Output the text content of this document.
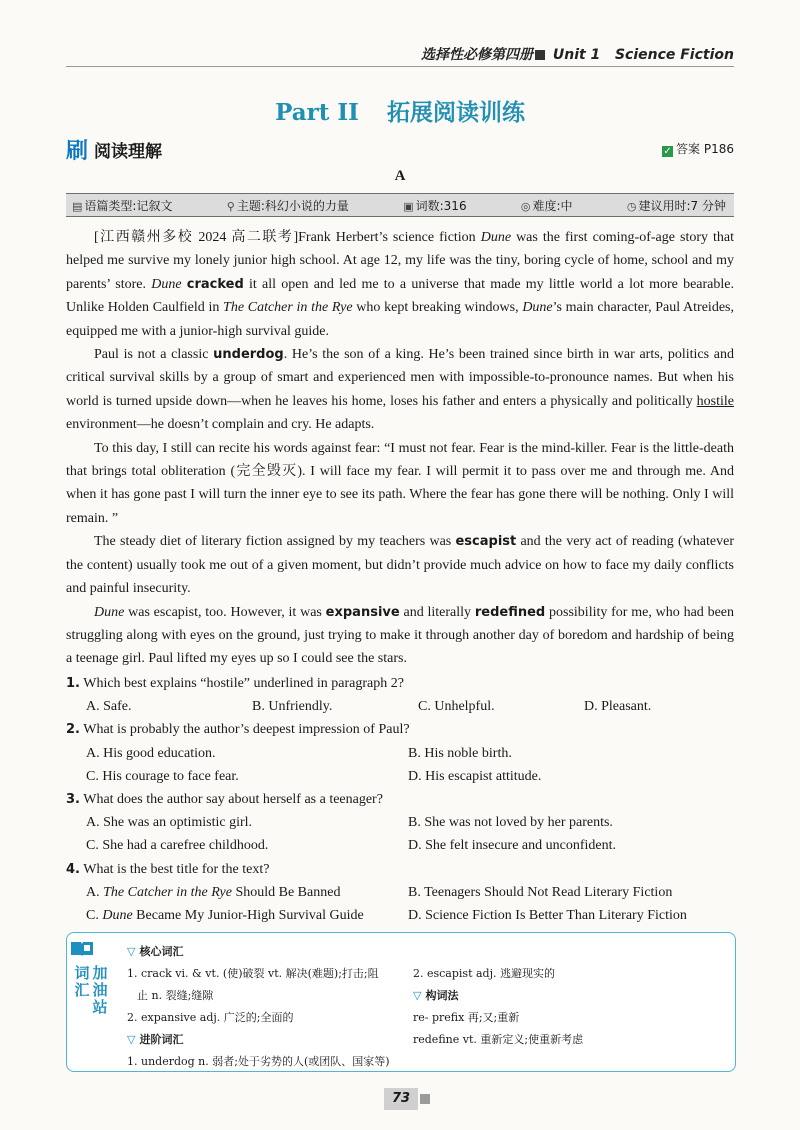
选择性必修第四册 Unit 1 Science Fiction
Part II 拓展阅读训练
刷 阅读理解	✓ 答案 P186
A
▤ 语篇类型:记叙文	⚲ 主题:科幻小说的力量	▣ 词数:316	◎ 难度:中	◷ 建议用时:7 分钟

[江西赣州多校 2024 高二联考]Frank Herbert’s science fiction Dune was the first coming-of-age story that helped me survive my lonely junior high school. At age 12, my life was the tiny, boring cycle of home, school and my parents’ store. Dune cracked it all open and led me to a universe that made my little world a lot more bearable. Unlike Holden Caulfield in The Catcher in the Rye who kept breaking windows, Dune’s main character, Paul Atreides, equipped me with a junior-high survival guide.

Paul is not a classic underdog. He’s the son of a king. He’s been trained since birth in war arts, politics and critical survival skills by a group of smart and experienced men with impossible-to-pronounce names. But when his world is turned upside down—when he leaves his home, loses his father and enters a physically and politically hostile environment—he doesn’t complain and cry. He adapts.

To this day, I still can recite his words against fear: “I must not fear. Fear is the mind-killer. Fear is the little-death that brings total obliteration (完全毁灭). I will face my fear. I will permit it to pass over me and through me. And when it has gone past I will turn the inner eye to see its path. Where the fear has gone there will be nothing. Only I will remain. ”

The steady diet of literary fiction assigned by my teachers was escapist and the very act of reading (whatever the content) usually took me out of a given moment, but didn’t provide much advice on how to face my daily conflicts and painful insecurity.

Dune was escapist, too. However, it was expansive and literally redefined possibility for me, who had been struggling along with eyes on the ground, just trying to make it through another day of boredom and hardship of being a teenage girl. Paul lifted my eyes up so I could see the stars.

1. Which best explains “hostile” underlined in paragraph 2?
A. Safe.	B. Unfriendly.	C. Unhelpful.	D. Pleasant.
2. What is probably the author’s deepest impression of Paul?
A. His good education.	B. His noble birth.
C. His courage to face fear.	D. His escapist attitude.
3. What does the author say about herself as a teenager?
A. She was an optimistic girl.	B. She was not loved by her parents.
C. She had a carefree childhood.	D. She felt insecure and unconfident.
4. What is the best title for the text?
A. The Catcher in the Rye Should Be Banned	B. Teenagers Should Not Read Literary Fiction
C. Dune Became My Junior-High Survival Guide	D. Science Fiction Is Better Than Literary Fiction
词汇加油站
▽ 核心词汇
1. crack vi. & vt. (使)破裂 vt. 解决(难题);打击;阻
止 n. 裂缝;缝隙
2. expansive adj. 广泛的;全面的
▽ 进阶词汇
1. underdog n. 弱者;处于劣势的人(或团队、国家等)
2. escapist adj. 逃避现实的
▽ 构词法
re- prefix 再;又;重新
redefine vt. 重新定义;使重新考虑
73
